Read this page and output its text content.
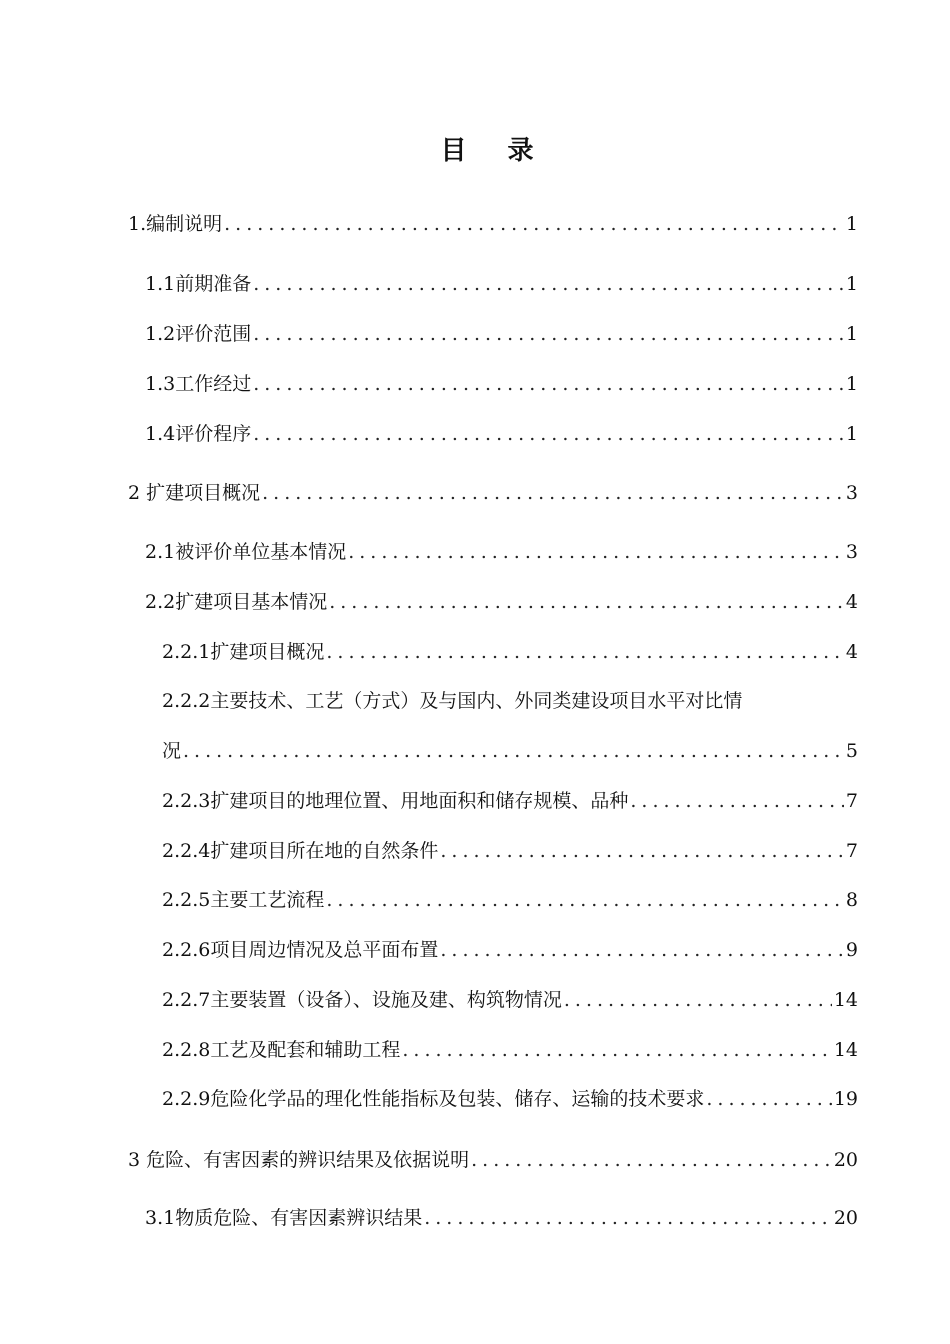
目 录
1.编制说明 .....	1
1.1前期准备 .....	1
1.2评价范围 .....	1
1.3工作经过 .....	1
1.4评价程序 .....	1
2 扩建项目概况 .....	3
2.1被评价单位基本情况 .....	3
2.2扩建项目基本情况 .....	4
2.2.1扩建项目概况 .....	4
2.2.2主要技术、工艺（方式）及与国内、外同类建设项目水平对比情
况 .....	5
2.2.3扩建项目的地理位置、用地面积和储存规模、品种 .....	7
2.2.4扩建项目所在地的自然条件 .....	7
2.2.5主要工艺流程 .....	8
2.2.6项目周边情况及总平面布置 .....	9
2.2.7主要装置（设备）、设施及建、构筑物情况 .....	14
2.2.8工艺及配套和辅助工程 .....	14
2.2.9危险化学品的理化性能指标及包装、储存、运输的技术要求 .....	19
3 危险、有害因素的辨识结果及依据说明 .....	20
3.1物质危险、有害因素辨识结果 .....	20
